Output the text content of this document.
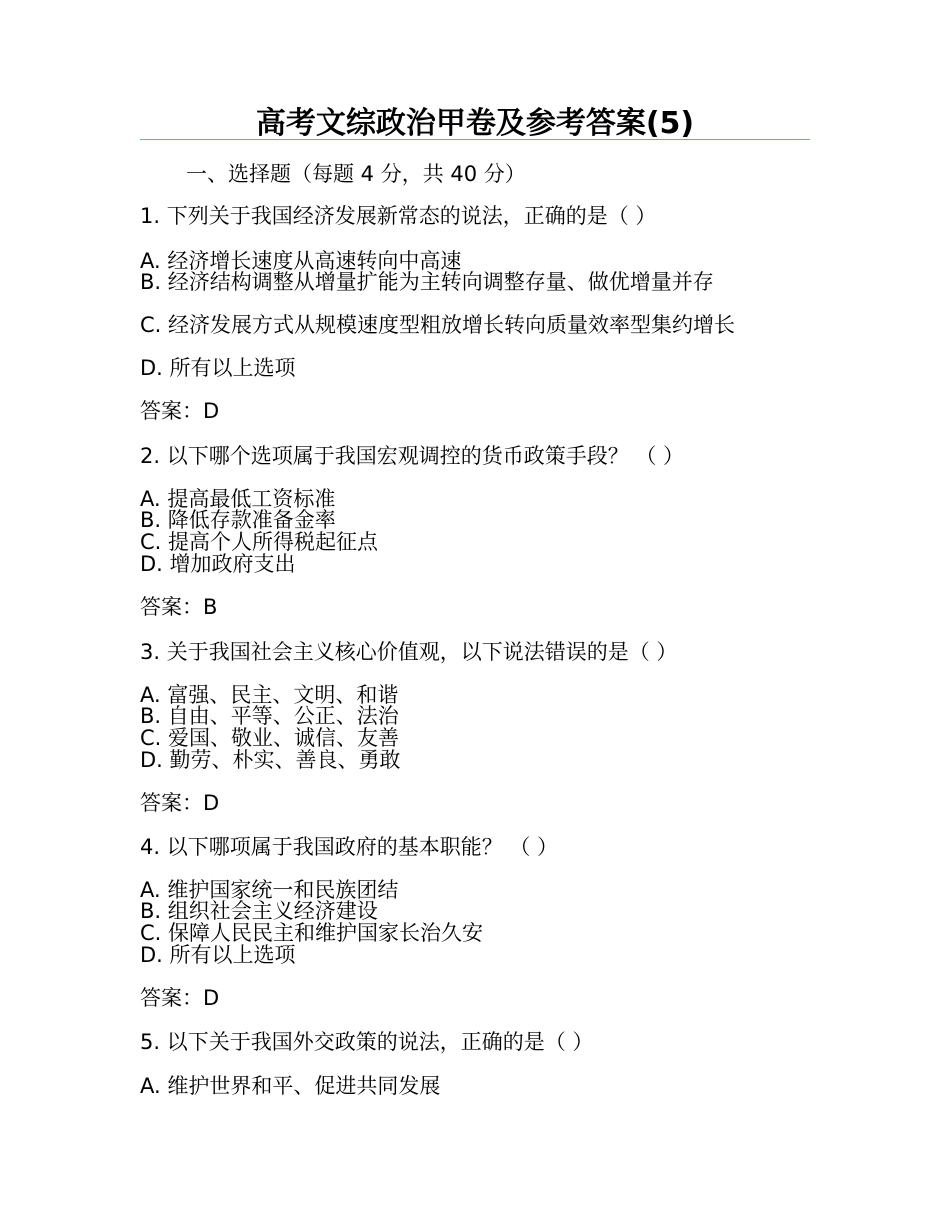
高考文综政治甲卷及参考答案(5)
一、选择题（每题 4 分，共 40 分）
1. 下列关于我国经济发展新常态的说法，正确的是（ ）
A. 经济增长速度从高速转向中高速
B. 经济结构调整从增量扩能为主转向调整存量、做优增量并存
C. 经济发展方式从规模速度型粗放增长转向质量效率型集约增长
D. 所有以上选项
答案：D
2. 以下哪个选项属于我国宏观调控的货币政策手段？ （ ）
A. 提高最低工资标准
B. 降低存款准备金率
C. 提高个人所得税起征点
D. 增加政府支出
答案：B
3. 关于我国社会主义核心价值观，以下说法错误的是（ ）
A. 富强、民主、文明、和谐
B. 自由、平等、公正、法治
C. 爱国、敬业、诚信、友善
D. 勤劳、朴实、善良、勇敢
答案：D
4. 以下哪项属于我国政府的基本职能？ （ ）
A. 维护国家统一和民族团结
B. 组织社会主义经济建设
C. 保障人民民主和维护国家长治久安
D. 所有以上选项
答案：D
5. 以下关于我国外交政策的说法，正确的是（ ）
A. 维护世界和平、促进共同发展
